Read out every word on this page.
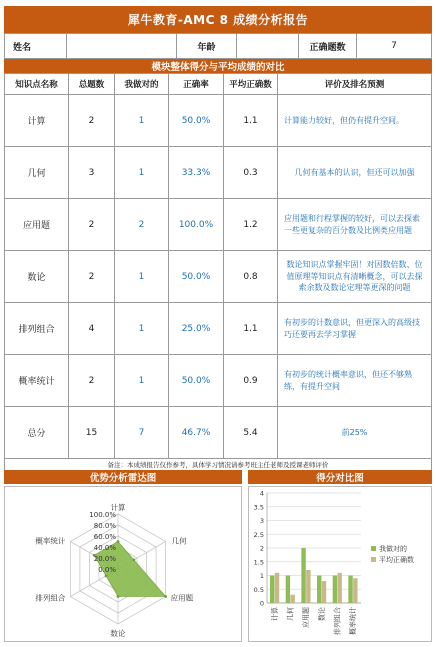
犀牛教育-AMC 8 成绩分析报告
姓名		年龄		正确题数	7
模块整体得分与平均成绩的对比
知识点名称	总题数	我做对的	正确率	平均正确数	评价及排名预测
计算	2	1	50.0%	1.1	计算能力较好，但仍有提升空间。
几何	3	1	33.3%	0.3	几何有基本的认识，但还可以加强
应用题	2	2	100.0%	1.2	应用题和行程掌握的较好，可以去探索一些更复杂的百分数及比例类应用题
数论	2	1	50.0%	0.8	数论知识点掌握牢固！对因数倍数、位值原理等知识点有清晰概念，可以去探索余数及数论定理等更深的问题
排列组合	4	1	25.0%	1.1	有初步的计数意识，但更深入的高级技巧还要再去学习掌握
概率统计	2	1	50.0%	0.9	有初步的统计概率意识，但还不够熟练，有提升空间
总分	15	7	46.7%	5.4	前25%
备注：本成绩报告仅作参考，具体学习情况请参考班主任老师及授课老师评价
优势分析雷达图	得分对比图
0.0%
20.0%
40.0%
60.0%
80.0%
100.0%
计算
几何
应用题
数论
排列组合
概率统计
0
0.5
1
1.5
2
2.5
3
3.5
4
计算 几何 应用题 数论 排列组合 概率统计
我做对的
平均正确数
